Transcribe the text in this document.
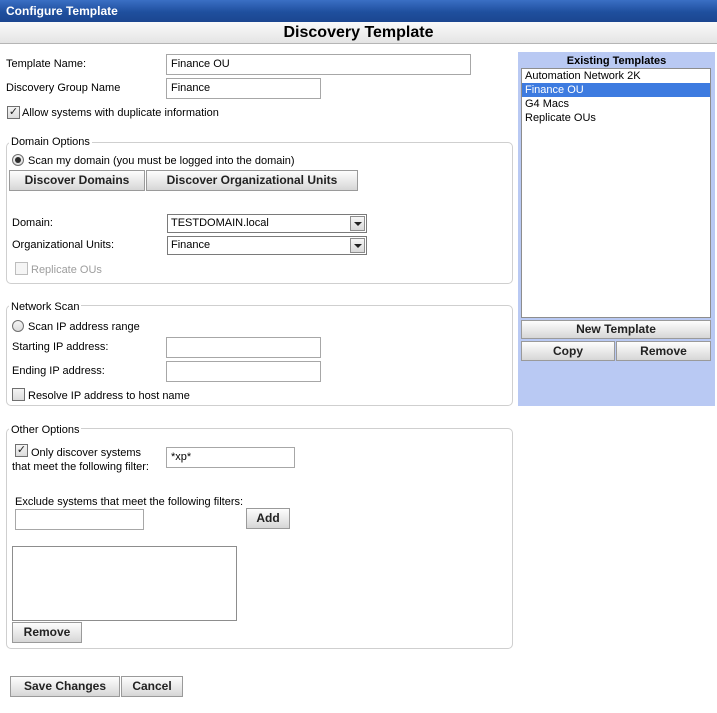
Configure Template
Discovery Template
Template Name:	Finance OU
Discovery Group Name	Finance
✓ Allow systems with duplicate information
Domain Options
Scan my domain (you must be logged into the domain)
Discover Domains	Discover Organizational Units
Domain:	TESTDOMAIN.local
Organizational Units:	Finance
Replicate OUs
Network Scan
Scan IP address range
Starting IP address:
Ending IP address:
Resolve IP address to host name
Other Options
✓ Only discover systems
that meet the following filter:
*xp*
Exclude systems that meet the following filters:
Add
Remove
Save Changes	Cancel
Existing Templates
Automation Network 2K
Finance OU
G4 Macs
Replicate OUs
New Template
Copy	Remove
